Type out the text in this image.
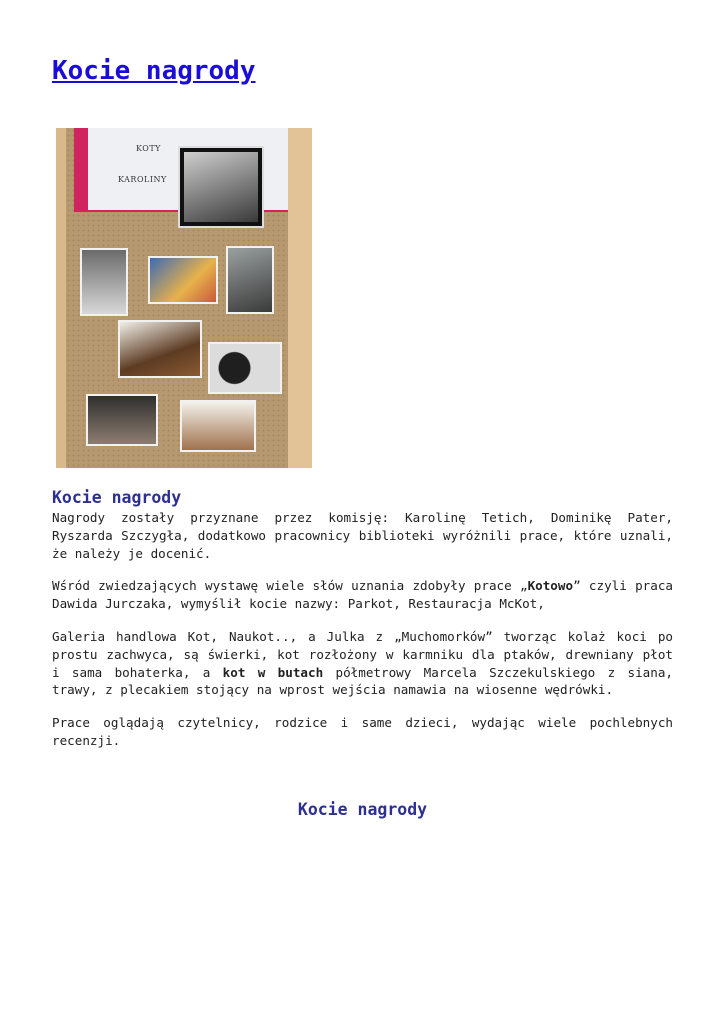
Kocie nagrody
KOTY
KAROLINY
Kocie nagrody

Nagrody zostały przyznane przez komisję: Karolinę Tetich, Dominikę Pater, Ryszarda Szczygła, dodatkowo pracownicy biblioteki wyróżnili prace, które uznali, że należy je docenić.

Wśród zwiedzających wystawę wiele słów uznania zdobyły prace „Kotowo” czyli praca Dawida Jurczaka, wymyślił kocie nazwy: Parkot, Restauracja McKot,

Galeria handlowa Kot, Naukot.., a Julka z „Muchomorków” tworząc kolaż koci po prostu zachwyca, są świerki, kot rozłożony w karmniku dla ptaków, drewniany płot i sama bohaterka, a kot w butach półmetrowy Marcela Szczekulskiego z siana, trawy, z plecakiem stojący na wprost wejścia namawia na wiosenne wędrówki.

Prace oglądają czytelnicy, rodzice i same dzieci, wydając wiele pochlebnych recenzji.

Kocie nagrody
